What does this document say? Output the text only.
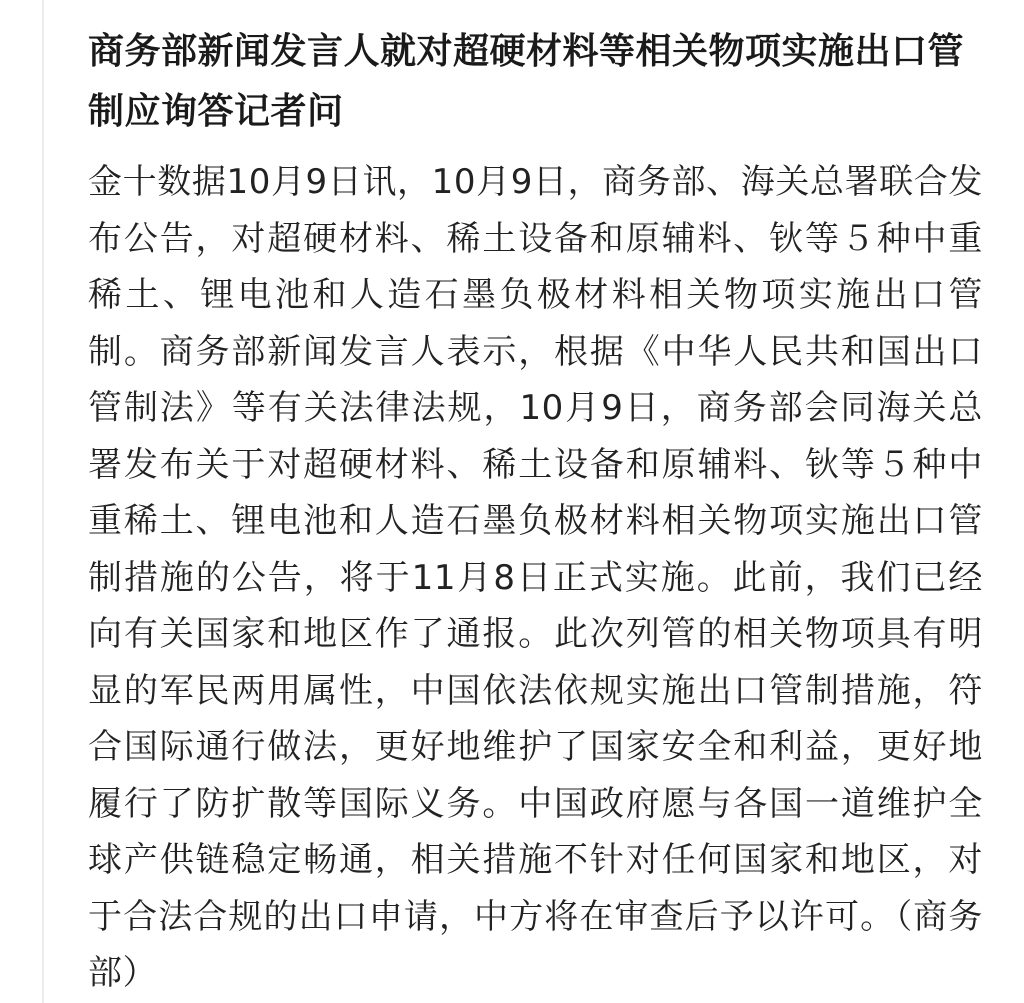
商务部新闻发言人就对超硬材料等相关物项实施出口管制应询答记者问

金十数据10月9日讯，10月9日，商务部、海关总署联合发布公告，对超硬材料、稀土设备和原辅料、钬等５种中重稀土、锂电池和人造石墨负极材料相关物项实施出口管制。商务部新闻发言人表示，根据《中华人民共和国出口管制法》等有关法律法规，10月9日，商务部会同海关总署发布关于对超硬材料、稀土设备和原辅料、钬等５种中重稀土、锂电池和人造石墨负极材料相关物项实施出口管制措施的公告，将于11月8日正式实施。此前，我们已经向有关国家和地区作了通报。此次列管的相关物项具有明显的军民两用属性，中国依法依规实施出口管制措施，符合国际通行做法，更好地维护了国家安全和利益，更好地履行了防扩散等国际义务。中国政府愿与各国一道维护全球产供链稳定畅通，相关措施不针对任何国家和地区，对于合法合规的出口申请，中方将在审查后予以许可。（商务部）
